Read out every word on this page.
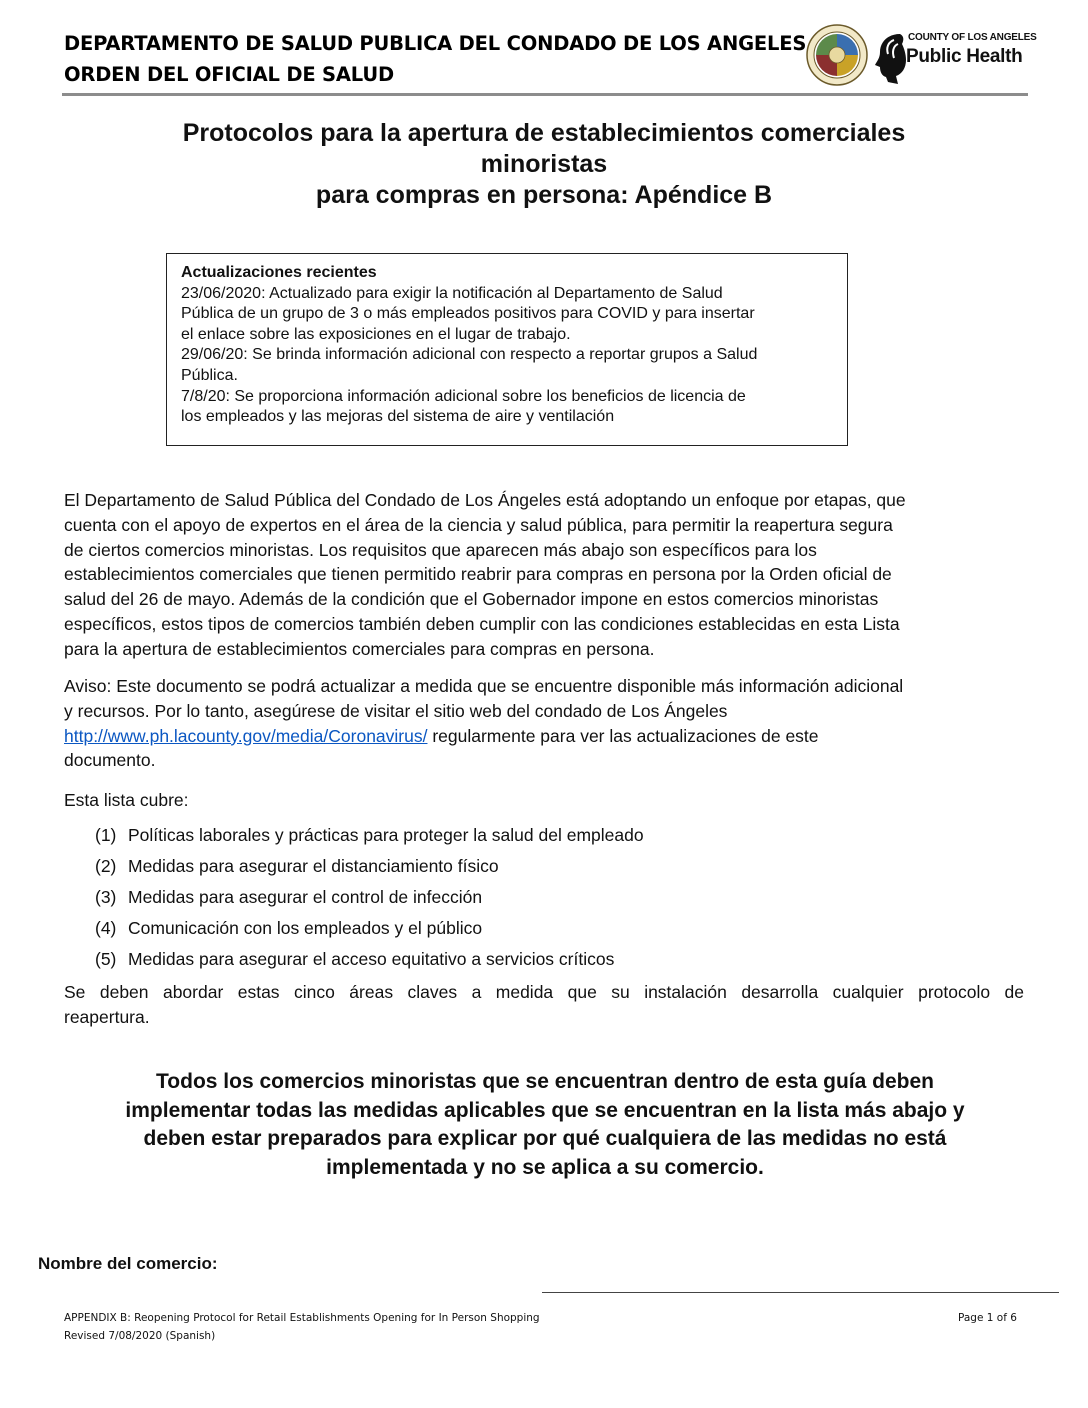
DEPARTAMENTO DE SALUD PUBLICA DEL CONDADO DE LOS ANGELES
ORDEN DEL OFICIAL DE SALUD
COUNTY OF LOS ANGELES
Public Health
Protocolos para la apertura de establecimientos comerciales
minoristas
para compras en persona: Apéndice B
Actualizaciones recientes
23/06/2020: Actualizado para exigir la notificación al Departamento de Salud
Pública de un grupo de 3 o más empleados positivos para COVID y para insertar
el enlace sobre las exposiciones en el lugar de trabajo.
29/06/20: Se brinda información adicional con respecto a reportar grupos a Salud
Pública.
7/8/20: Se proporciona información adicional sobre los beneficios de licencia de
los empleados y las mejoras del sistema de aire y ventilación
El Departamento de Salud Pública del Condado de Los Ángeles está adoptando un enfoque por etapas, que
cuenta con el apoyo de expertos en el área de la ciencia y salud pública, para permitir la reapertura segura
de ciertos comercios minoristas. Los requisitos que aparecen más abajo son específicos para los
establecimientos comerciales que tienen permitido reabrir para compras en persona por la Orden oficial de
salud del 26 de mayo. Además de la condición que el Gobernador impone en estos comercios minoristas
específicos, estos tipos de comercios también deben cumplir con las condiciones establecidas en esta Lista
para la apertura de establecimientos comerciales para compras en persona.
Aviso: Este documento se podrá actualizar a medida que se encuentre disponible más información adicional
y recursos. Por lo tanto, asegúrese de visitar el sitio web del condado de Los Ángeles
http://www.ph.lacounty.gov/media/Coronavirus/ regularmente para ver las actualizaciones de este
documento.
Esta lista cubre:
(1) Políticas laborales y prácticas para proteger la salud del empleado
(2) Medidas para asegurar el distanciamiento físico
(3) Medidas para asegurar el control de infección
(4) Comunicación con los empleados y el público
(5) Medidas para asegurar el acceso equitativo a servicios críticos
Se deben abordar estas cinco áreas claves a medida que su instalación desarrolla cualquier protocolo de
reapertura.
Todos los comercios minoristas que se encuentran dentro de esta guía deben
implementar todas las medidas aplicables que se encuentran en la lista más abajo y
deben estar preparados para explicar por qué cualquiera de las medidas no está
implementada y no se aplica a su comercio.
Nombre del comercio:
APPENDIX B: Reopening Protocol for Retail Establishments Opening for In Person Shopping
Revised 7/08/2020 (Spanish)
Page 1 of 6
